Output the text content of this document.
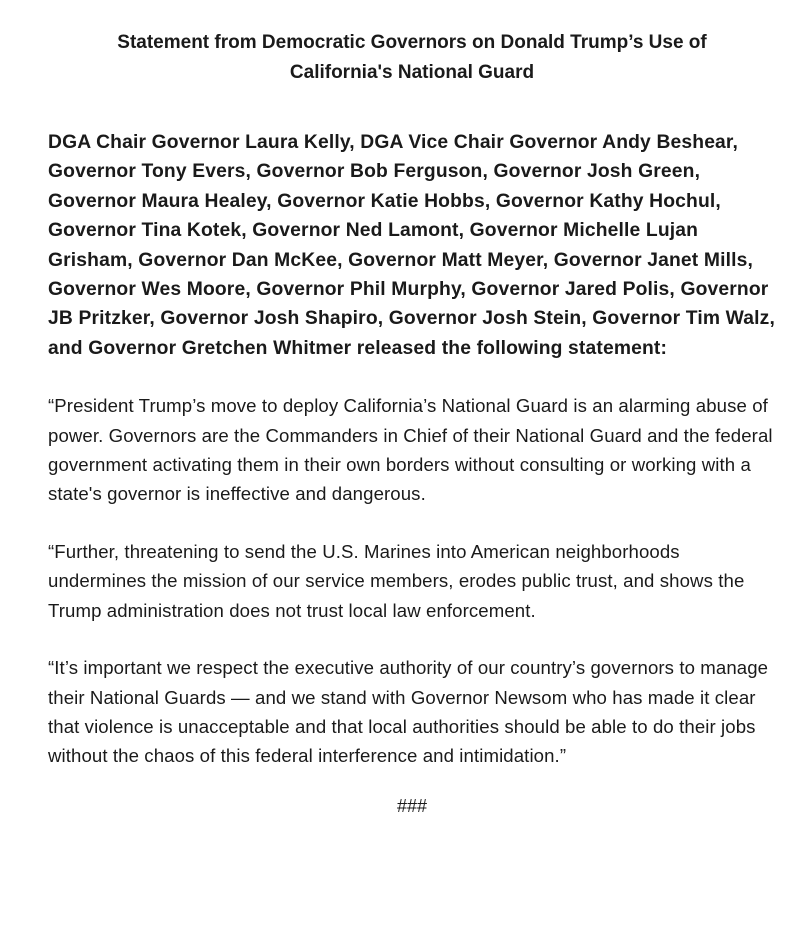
Statement from Democratic Governors on Donald Trump’s Use of
California's National Guard

DGA Chair Governor Laura Kelly, DGA Vice Chair Governor Andy Beshear, Governor Tony Evers, Governor Bob Ferguson, Governor Josh Green, Governor Maura Healey, Governor Katie Hobbs, Governor Kathy Hochul, Governor Tina Kotek, Governor Ned Lamont, Governor Michelle Lujan Grisham, Governor Dan McKee, Governor Matt Meyer, Governor Janet Mills, Governor Wes Moore, Governor Phil Murphy, Governor Jared Polis, Governor JB Pritzker, Governor Josh Shapiro, Governor Josh Stein, Governor Tim Walz, and Governor Gretchen Whitmer released the following statement:

“President Trump’s move to deploy California’s National Guard is an alarming abuse of power. Governors are the Commanders in Chief of their National Guard and the federal government activating them in their own borders without consulting or working with a state's governor is ineffective and dangerous.

“Further, threatening to send the U.S. Marines into American neighborhoods undermines the mission of our service members, erodes public trust, and shows the Trump administration does not trust local law enforcement.

“It’s important we respect the executive authority of our country’s governors to manage their National Guards — and we stand with Governor Newsom who has made it clear that violence is unacceptable and that local authorities should be able to do their jobs without the chaos of this federal interference and intimidation.”

###
